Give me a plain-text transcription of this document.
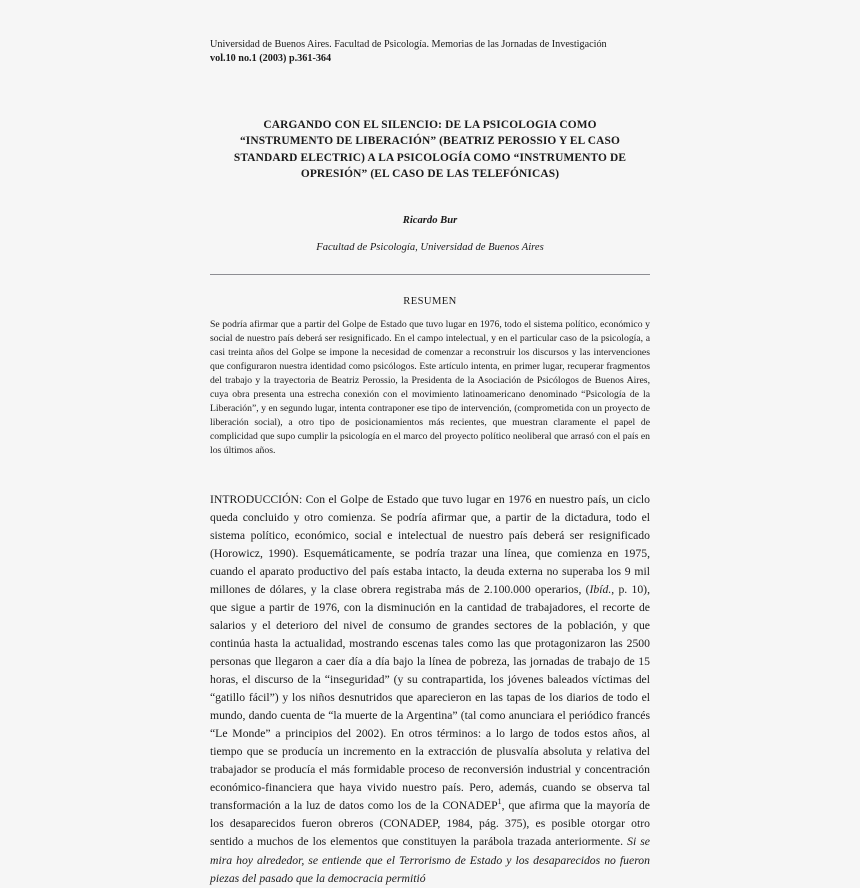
Universidad de Buenos Aires. Facultad de Psicología. Memorias de las Jornadas de Investigación
vol.10 no.1 (2003) p.361-364
CARGANDO CON EL SILENCIO: DE LA PSICOLOGIA COMO
“INSTRUMENTO DE LIBERACIÓN” (BEATRIZ PEROSSIO Y EL CASO
STANDARD ELECTRIC) A LA PSICOLOGÍA COMO “INSTRUMENTO DE
OPRESIÓN” (EL CASO DE LAS TELEFÓNICAS)
Ricardo Bur
Facultad de Psicología, Universidad de Buenos Aires
RESUMEN
Se podría afirmar que a partir del Golpe de Estado que tuvo lugar en 1976, todo el sistema político, económico y social de nuestro país deberá ser resignificado. En el campo intelectual, y en el particular caso de la psicología, a casi treinta años del Golpe se impone la necesidad de comenzar a reconstruir los discursos y las intervenciones que configuraron nuestra identidad como psicólogos. Este artículo intenta, en primer lugar, recuperar fragmentos del trabajo y la trayectoria de Beatriz Perossio, la Presidenta de la Asociación de Psicólogos de Buenos Aires, cuya obra presenta una estrecha conexión con el movimiento latinoamericano denominado “Psicología de la Liberación”, y en segundo lugar, intenta contraponer ese tipo de intervención, (comprometida con un proyecto de liberación social), a otro tipo de posicionamientos más recientes, que muestran claramente el papel de complicidad que supo cumplir la psicología en el marco del proyecto político neoliberal que arrasó con el país en los últimos años.
INTRODUCCIÓN: Con el Golpe de Estado que tuvo lugar en 1976 en nuestro país, un ciclo queda concluido y otro comienza. Se podría afirmar que, a partir de la dictadura, todo el sistema político, económico, social e intelectual de nuestro país deberá ser resignificado (Horowicz, 1990). Esquemáticamente, se podría trazar una línea, que comienza en 1975, cuando el aparato productivo del país estaba intacto, la deuda externa no superaba los 9 mil millones de dólares, y la clase obrera registraba más de 2.100.000 operarios, (Ibíd., p. 10), que sigue a partir de 1976, con la disminución en la cantidad de trabajadores, el recorte de salarios y el deterioro del nivel de consumo de grandes sectores de la población, y que continúa hasta la actualidad, mostrando escenas tales como las que protagonizaron las 2500 personas que llegaron a caer día a día bajo la línea de pobreza, las jornadas de trabajo de 15 horas, el discurso de la “inseguridad” (y su contrapartida, los jóvenes baleados víctimas del “gatillo fácil”) y los niños desnutridos que aparecieron en las tapas de los diarios de todo el mundo, dando cuenta de “la muerte de la Argentina” (tal como anunciara el periódico francés “Le Monde” a principios del 2002). En otros términos: a lo largo de todos estos años, al tiempo que se producía un incremento en la extracción de plusvalía absoluta y relativa del trabajador se producía el más formidable proceso de reconversión industrial y concentración económico-financiera que haya vivido nuestro país. Pero, además, cuando se observa tal transformación a la luz de datos como los de la CONADEP$^1$, que afirma que la mayoría de los desaparecidos fueron obreros (CONADEP, 1984, pág. 375), es posible otorgar otro sentido a muchos de los elementos que constituyen la parábola trazada anteriormente. Si se mira hoy alrededor, se entiende que el Terrorismo de Estado y los desaparecidos no fueron piezas del pasado que la democracia permitió
